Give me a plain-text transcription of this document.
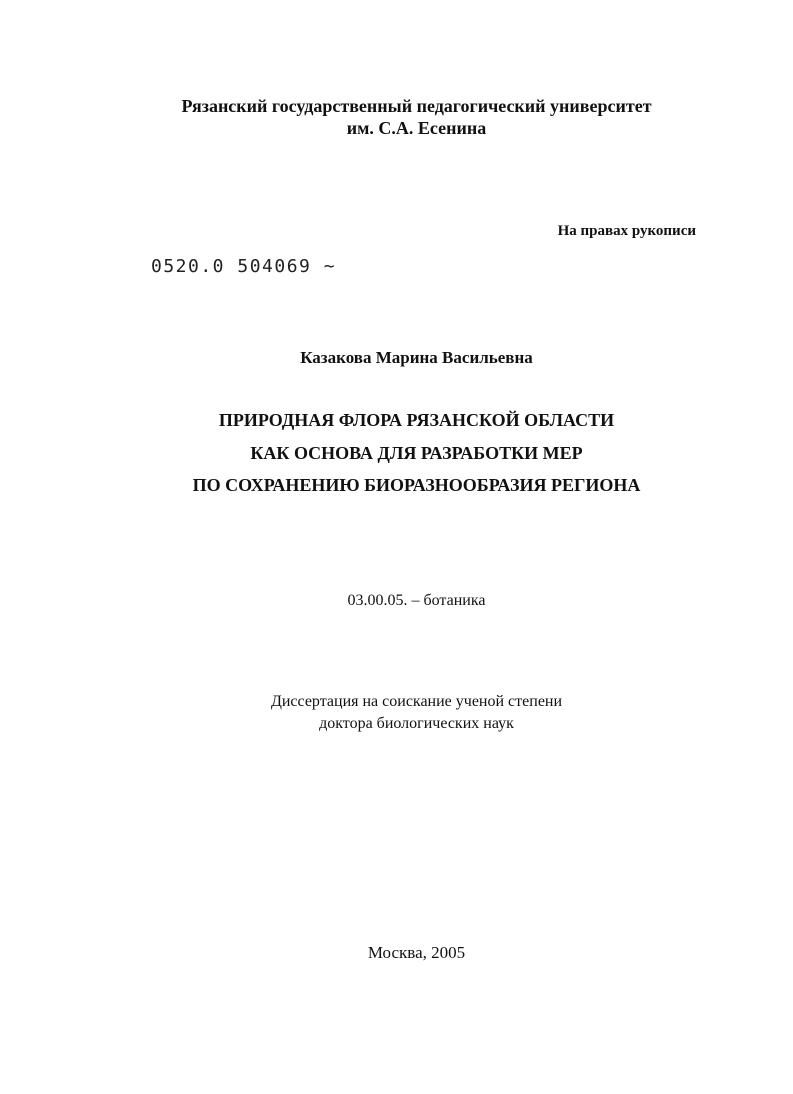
Рязанский государственный педагогический университет
им. С.А. Есенина
На правах рукописи
0520.0 504069 ~
Казакова Марина Васильевна
ПРИРОДНАЯ ФЛОРА РЯЗАНСКОЙ ОБЛАСТИ
КАК ОСНОВА ДЛЯ РАЗРАБОТКИ МЕР
ПО СОХРАНЕНИЮ БИОРАЗНООБРАЗИЯ РЕГИОНА
03.00.05. – ботаника
Диссертация на соискание ученой степени
доктора биологических наук
Москва, 2005
